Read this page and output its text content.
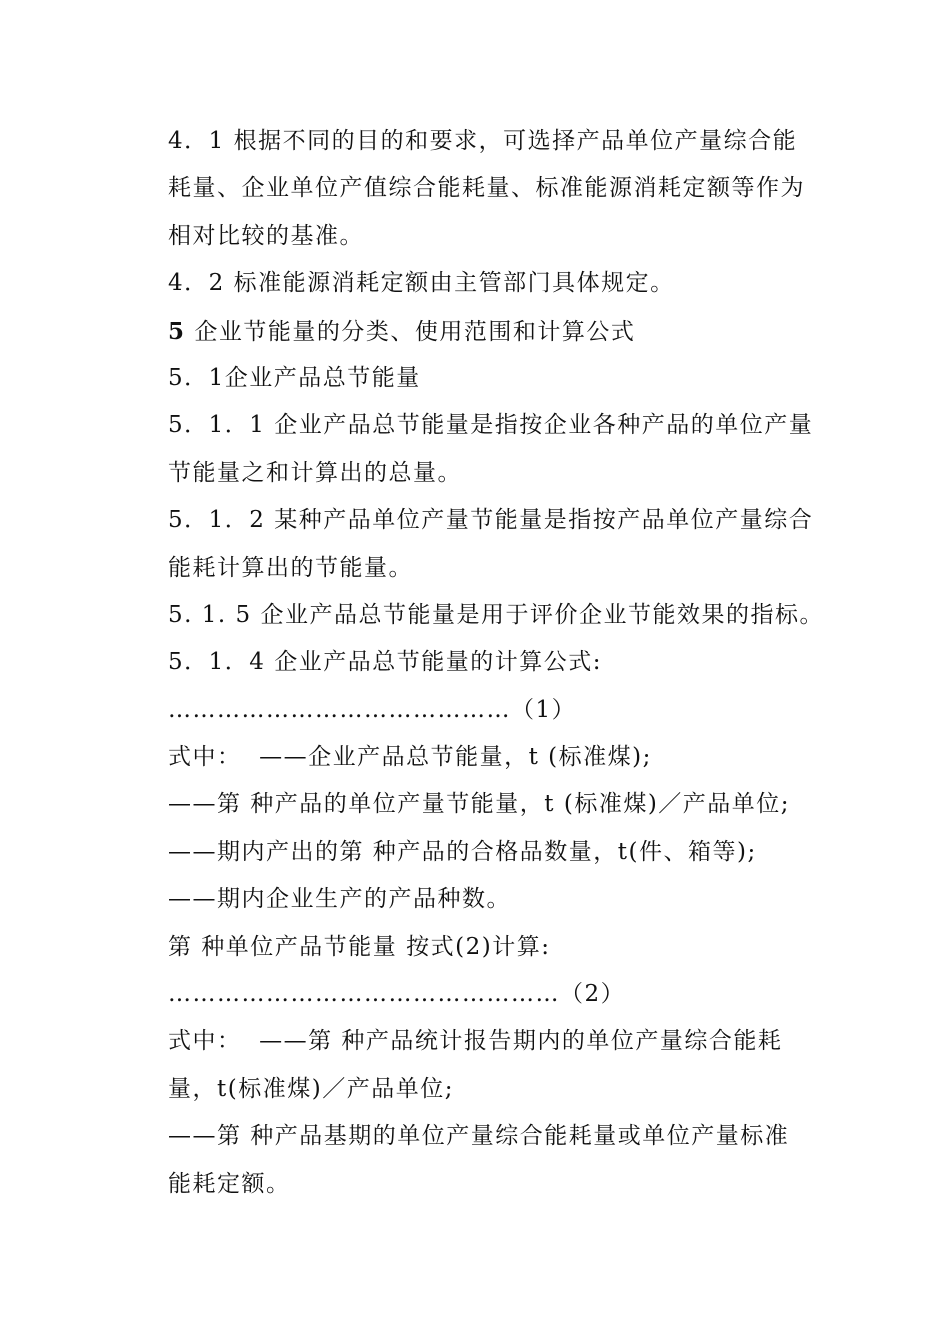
4．1 根据不同的目的和要求，可选择产品单位产量综合能
耗量、企业单位产值综合能耗量、标准能源消耗定额等作为
相对比较的基准。
4．2 标准能源消耗定额由主管部门具体规定。
5 企业节能量的分类、使用范围和计算公式
5．1企业产品总节能量
5．1．1 企业产品总节能量是指按企业各种产品的单位产量
节能量之和计算出的总量。
5．1．2 某种产品单位产量节能量是指按产品单位产量综合
能耗计算出的节能量。
5. 1. 5 企业产品总节能量是用于评价企业节能效果的指标。
5．1．4 企业产品总节能量的计算公式:
……………………………………（1）
式中：  ——企业产品总节能量，t (标准煤);
——第 种产品的单位产量节能量，t (标准煤)／产品单位;
——期内产出的第 种产品的合格品数量，t(件、箱等);
——期内企业生产的产品种数。
第 种单位产品节能量 按式(2)计算:
…………………………………………（2）
式中：  ——第 种产品统计报告期内的单位产量综合能耗
量，t(标准煤)／产品单位;
——第 种产品基期的单位产量综合能耗量或单位产量标准
能耗定额。
